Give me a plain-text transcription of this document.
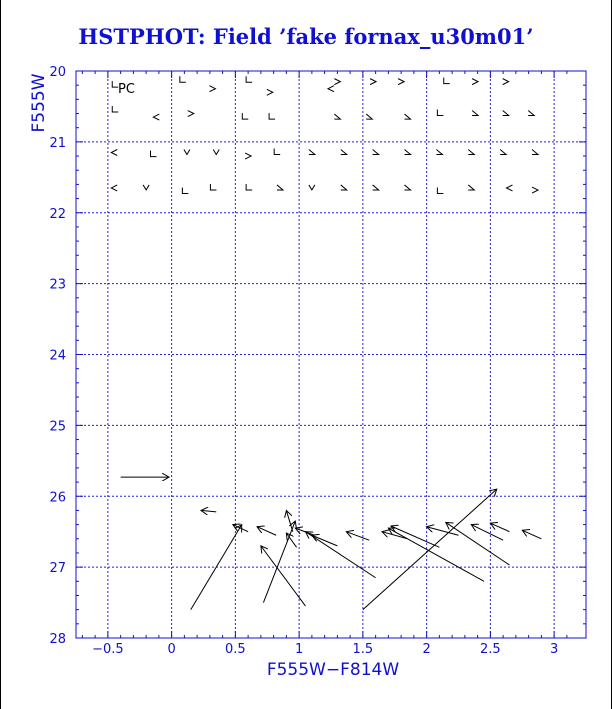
HSTPHOT: Field ’fake fornax_u30m01’
−0.5	0	0.5	1	1.5	2	2.5	3
20
21
22
23
24
25
26
27
28
PC
F555W−F814W
F555W
